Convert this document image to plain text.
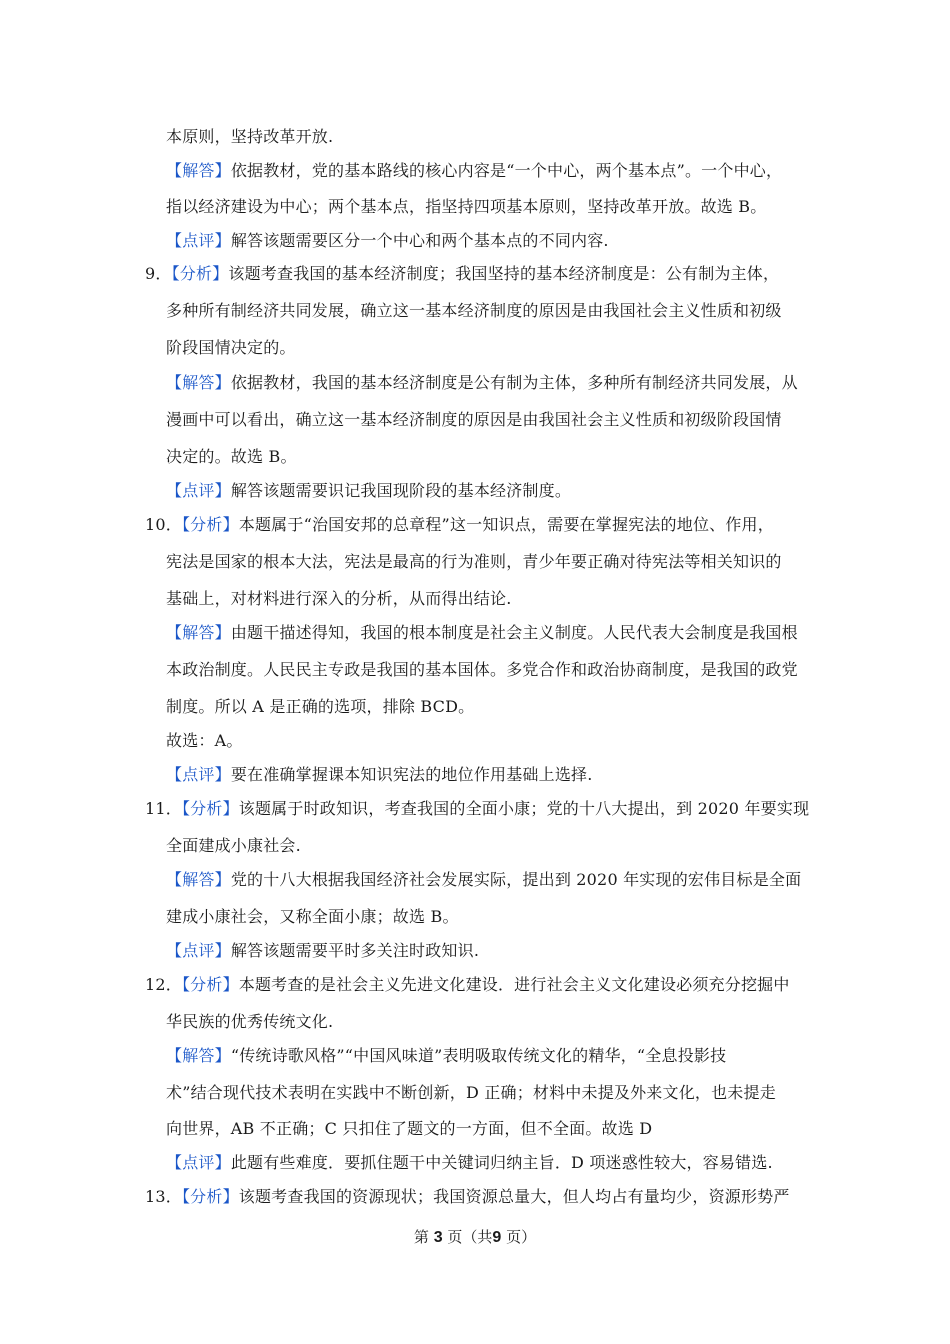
本原则，坚持改革开放.
【解答】依据教材，党的基本路线的核心内容是“一个中心，两个基本点”。一个中心，
指以经济建设为中心；两个基本点，指坚持四项基本原则，坚持改革开放。故选 B。
【点评】解答该题需要区分一个中心和两个基本点的不同内容.
9．【分析】该题考查我国的基本经济制度；我国坚持的基本经济制度是：公有制为主体，
多种所有制经济共同发展，确立这一基本经济制度的原因是由我国社会主义性质和初级
阶段国情决定的。
【解答】依据教材，我国的基本经济制度是公有制为主体，多种所有制经济共同发展，从
漫画中可以看出，确立这一基本经济制度的原因是由我国社会主义性质和初级阶段国情
决定的。故选 B。
【点评】解答该题需要识记我国现阶段的基本经济制度。
10．【分析】本题属于“治国安邦的总章程”这一知识点，需要在掌握宪法的地位、作用，
宪法是国家的根本大法，宪法是最高的行为准则，青少年要正确对待宪法等相关知识的
基础上，对材料进行深入的分析，从而得出结论.
【解答】由题干描述得知，我国的根本制度是社会主义制度。人民代表大会制度是我国根
本政治制度。人民民主专政是我国的基本国体。多党合作和政治协商制度，是我国的政党
制度。所以 A 是正确的选项，排除 BCD。
故选：A。
【点评】要在准确掌握课本知识宪法的地位作用基础上选择.
11．【分析】该题属于时政知识，考查我国的全面小康；党的十八大提出，到 2020 年要实现
全面建成小康社会.
【解答】党的十八大根据我国经济社会发展实际，提出到 2020 年实现的宏伟目标是全面
建成小康社会，又称全面小康；故选 B。
【点评】解答该题需要平时多关注时政知识.
12．【分析】本题考查的是社会主义先进文化建设．进行社会主义文化建设必须充分挖掘中
华民族的优秀传统文化.
【解答】“传统诗歌风格”“中国风味道”表明吸取传统文化的精华，“全息投影技
术”结合现代技术表明在实践中不断创新，D 正确；材料中未提及外来文化，也未提走
向世界，AB 不正确；C 只扣住了题文的一方面，但不全面。故选 D
【点评】此题有些难度．要抓住题干中关键词归纳主旨．D 项迷惑性较大，容易错选.
13．【分析】该题考查我国的资源现状；我国资源总量大，但人均占有量均少，资源形势严
第 3 页（共9 页）
